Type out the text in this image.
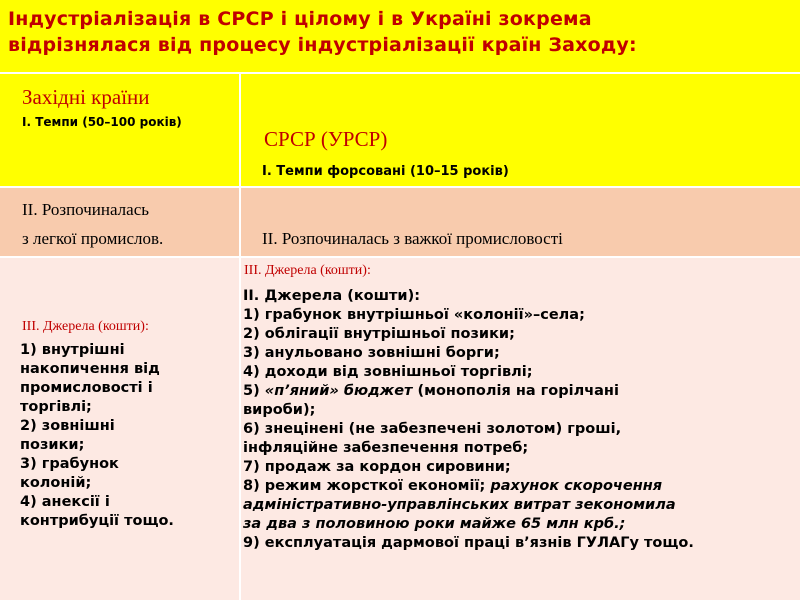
Індустріалізація в СРСР і цілому і в Україні зокрема
відрізнялася від процесу індустріалізації країн Заходу:
Західні країни
I. Темпи (50–100 років)
СРСР (УРСР)
I. Темпи форсовані (10–15 років)
II. Розпочиналась
з легкої промислов.	II. Розпочиналась з важкої промисловості
III. Джерела (кошти):
1) внутрішні
накопичення від
промисловості і
торгівлі;
2) зовнішні
позики;
3) грабунок
колоній;
4) анексії і
контрибуції тощо.
III. Джерела (кошти):
ІІ. Джерела (кошти):
1) грабунок внутрішньої «колонії»–села;
2) облігації внутрішньої позики;
3) анульовано зовнішні борги;
4) доходи від зовнішньої торгівлі;
5) «п’яний» бюджет (монополія на горілчані
вироби);
6) знецінені (не забезпечені золотом) гроші,
інфляційне забезпечення потреб;
7) продаж за кордон сировини;
8) режим жорсткої економії; рахунок скорочення
адміністративно-управлінських витрат зекономила
за два з половиною роки майже 65 млн крб.;
9) експлуатація дармової праці в’язнів ГУЛАГу тощо.
